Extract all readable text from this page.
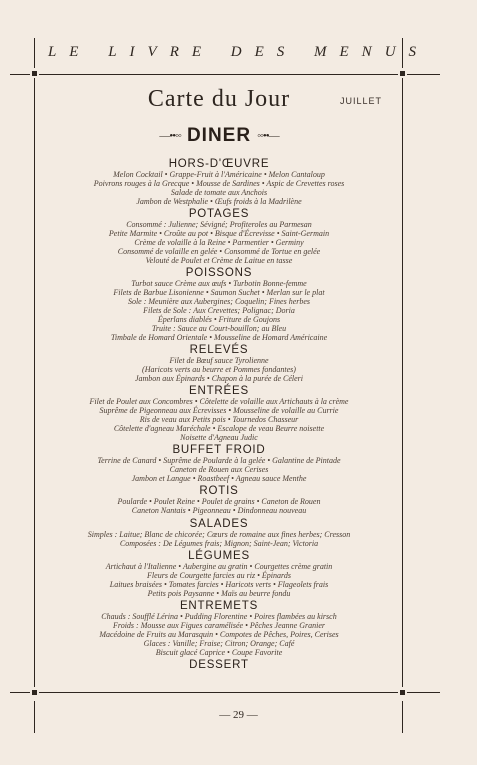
LE LIVRE DES MENUS
Carte du Jour	JUILLET
—••◦◦ DINER ◦◦••—
HORS-D'ŒUVRE
Melon Cocktail • Grappe-Fruit à l'Américaine • Melon Cantaloup
Poivrons rouges à la Grecque • Mousse de Sardines • Aspic de Crevettes roses
Salade de tomate aux Anchois
Jambon de Westphalie • Œufs froids à la Madrilène
POTAGES
Consommé : Julienne; Sévigné; Profiteroles au Parmesan
Petite Marmite • Croûte au pot • Bisque d'Écrevisse • Saint-Germain
Crème de volaille à la Reine • Parmentier • Germiny
Consommé de volaille en gelée • Consommé de Tortue en gelée
Velouté de Poulet et Crème de Laitue en tasse
POISSONS
Turbot sauce Crème aux œufs • Turbotin Bonne-femme
Filets de Barbue Lisonienne • Saumon Suchet • Merlan sur le plat
Sole : Meunière aux Aubergines; Coquelin; Fines herbes
Filets de Sole : Aux Crevettes; Polignac; Doria
Éperlans diablés • Friture de Goujons
Truite : Sauce au Court-bouillon; au Bleu
Timbale de Homard Orientale • Mousseline de Homard Américaine
RELEVÉS
Filet de Bœuf sauce Tyrolienne
(Haricots verts au beurre et Pommes fondantes)
Jambon aux Épinards • Chapon à la purée de Céleri
ENTRÉES
Filet de Poulet aux Concombres • Côtelette de volaille aux Artichauts à la crème
Suprême de Pigeonneau aux Écrevisses • Mousseline de volaille au Currie
Ris de veau aux Petits pois • Tournedos Chasseur
Côtelette d'agneau Maréchale • Escalope de veau Beurre noisette
Noisette d'Agneau Judic
BUFFET FROID
Terrine de Canard • Suprême de Poularde à la gelée • Galantine de Pintade
Caneton de Rouen aux Cerises
Jambon et Langue • Roastbeef • Agneau sauce Menthe
ROTIS
Poularde • Poulet Reine • Poulet de grains • Caneton de Rouen
Caneton Nantais • Pigeonneau • Dindonneau nouveau
SALADES
Simples : Laitue; Blanc de chicorée; Cœurs de romaine aux fines herbes; Cresson
Composées : De Légumes frais; Mignon; Saint-Jean; Victoria
LÉGUMES
Artichaut à l'Italienne • Aubergine au gratin • Courgettes crème gratin
Fleurs de Courgette farcies au riz • Épinards
Laitues braisées • Tomates farcies • Haricots verts • Flageolets frais
Petits pois Paysanne • Maïs au beurre fondu
ENTREMETS
Chauds : Soufflé Lérina • Pudding Florentine • Poires flambées au kirsch
Froids : Mousse aux Figues caramélisée • Pêches Jeanne Granier
Macédoine de Fruits au Marasquin • Compotes de Pêches, Poires, Cerises
Glaces : Vanille; Fraise; Citron; Orange; Café
Biscuit glacé Caprice • Coupe Favorite
DESSERT
— 29 —
